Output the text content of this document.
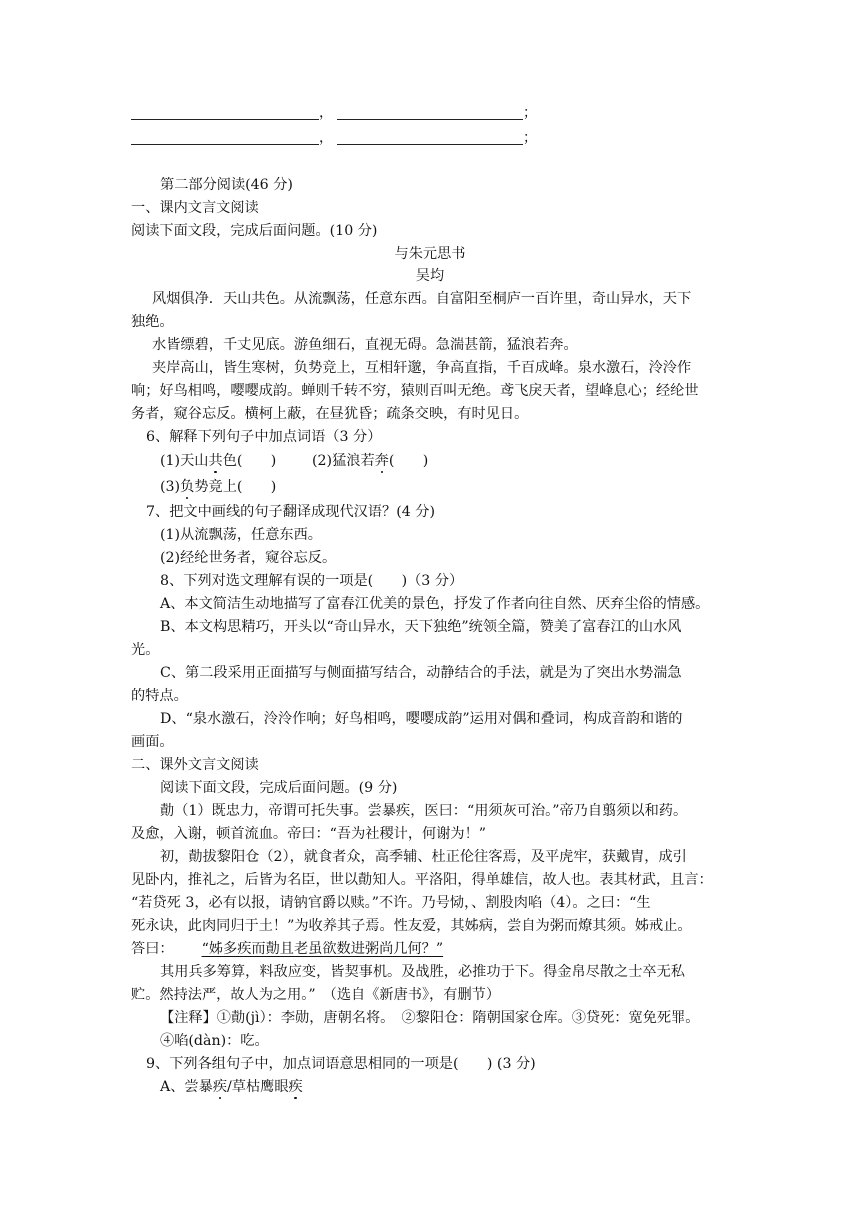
，	；
，	；
第二部分阅读(46 分)
一、课内文言文阅读
阅读下面文段，完成后面问题。(10 分)
与朱元思书
吴均
风烟俱净．天山共色。从流飘荡，任意东西。自富阳至桐庐一百许里，奇山异水，天下
独绝。
水皆缥碧，千丈见底。游鱼细石，直视无碍。急湍甚箭，猛浪若奔。
夹岸高山，皆生寒树，负势竞上，互相轩邈，争高直指，千百成峰。泉水激石，泠泠作
响；好鸟相鸣，嘤嘤成韵。蝉则千转不穷，猿则百叫无绝。鸢飞戾天者，望峰息心；经纶世
务者，窥谷忘反。横柯上蔽，在昼犹昏；疏条交映，有时见日。
6、解释下列句子中加点词语（3 分）
(1)天山共色(　　)	(2)猛浪若奔(　　)
(3)负势竞上(　　)
7、把文中画线的句子翻译成现代汉语？(4 分)
(1)从流飘荡，任意东西。
(2)经纶世务者，窥谷忘反。
8、下列对选文理解有误的一项是(　　)（3 分）
A、本文简洁生动地描写了富春江优美的景色，抒发了作者向往自然、厌弃尘俗的情感。
B、本文构思精巧，开头以“奇山异水，天下独绝”统领全篇，赞美了富春江的山水风
光。
C、第二段采用正面描写与侧面描写结合，动静结合的手法，就是为了突出水势湍急
的特点。
D、“泉水激石，泠泠作响；好鸟相鸣，嘤嘤成韵”运用对偶和叠词，构成音韵和谐的
画面。
二、课外文言文阅读
阅读下面文段，完成后面问题。(9 分)
勣（1）既忠力，帝谓可托失事。尝暴疾，医曰：“用须灰可治。”帝乃自翦须以和药。
及愈，入谢，顿首流血。帝曰：“吾为社稷计，何谢为！”
初，勣拔黎阳仓（2），就食者众，高季辅、杜正伦往客焉，及平虎牢，获戴胄，成引
见卧内，推礼之，后皆为名臣，世以勣知人。平洛阳，得单雄信，故人也。表其材武，且言：
“若贷死 3，必有以报，请钠官爵以赎。”不许。乃号恸，、割股肉啗（4）。之曰：“生
死永诀，此肉同归于土！”为收养其子焉。性友爱，其姊病，尝自为粥而燎其须。姊戒止。
答曰： “姊多疾而勣且老虽欲数进粥尚几何？”
其用兵多筹算，料敌应变，皆契事机。及战胜，必推功于下。得金帛尽散之士卒无私
贮。然持法严，故人为之用。”　（选自《新唐书》，有删节）
【注释】①勣(jì）：李勋，唐朝名将。　②黎阳仓：隋朝国家仓库。③贷死：宽免死罪。
④啗(dàn)：吃。
9、下列各组句子中，加点词语意思相同的一项是(　　) (3 分)
A、尝暴疾/草枯鹰眼疾
